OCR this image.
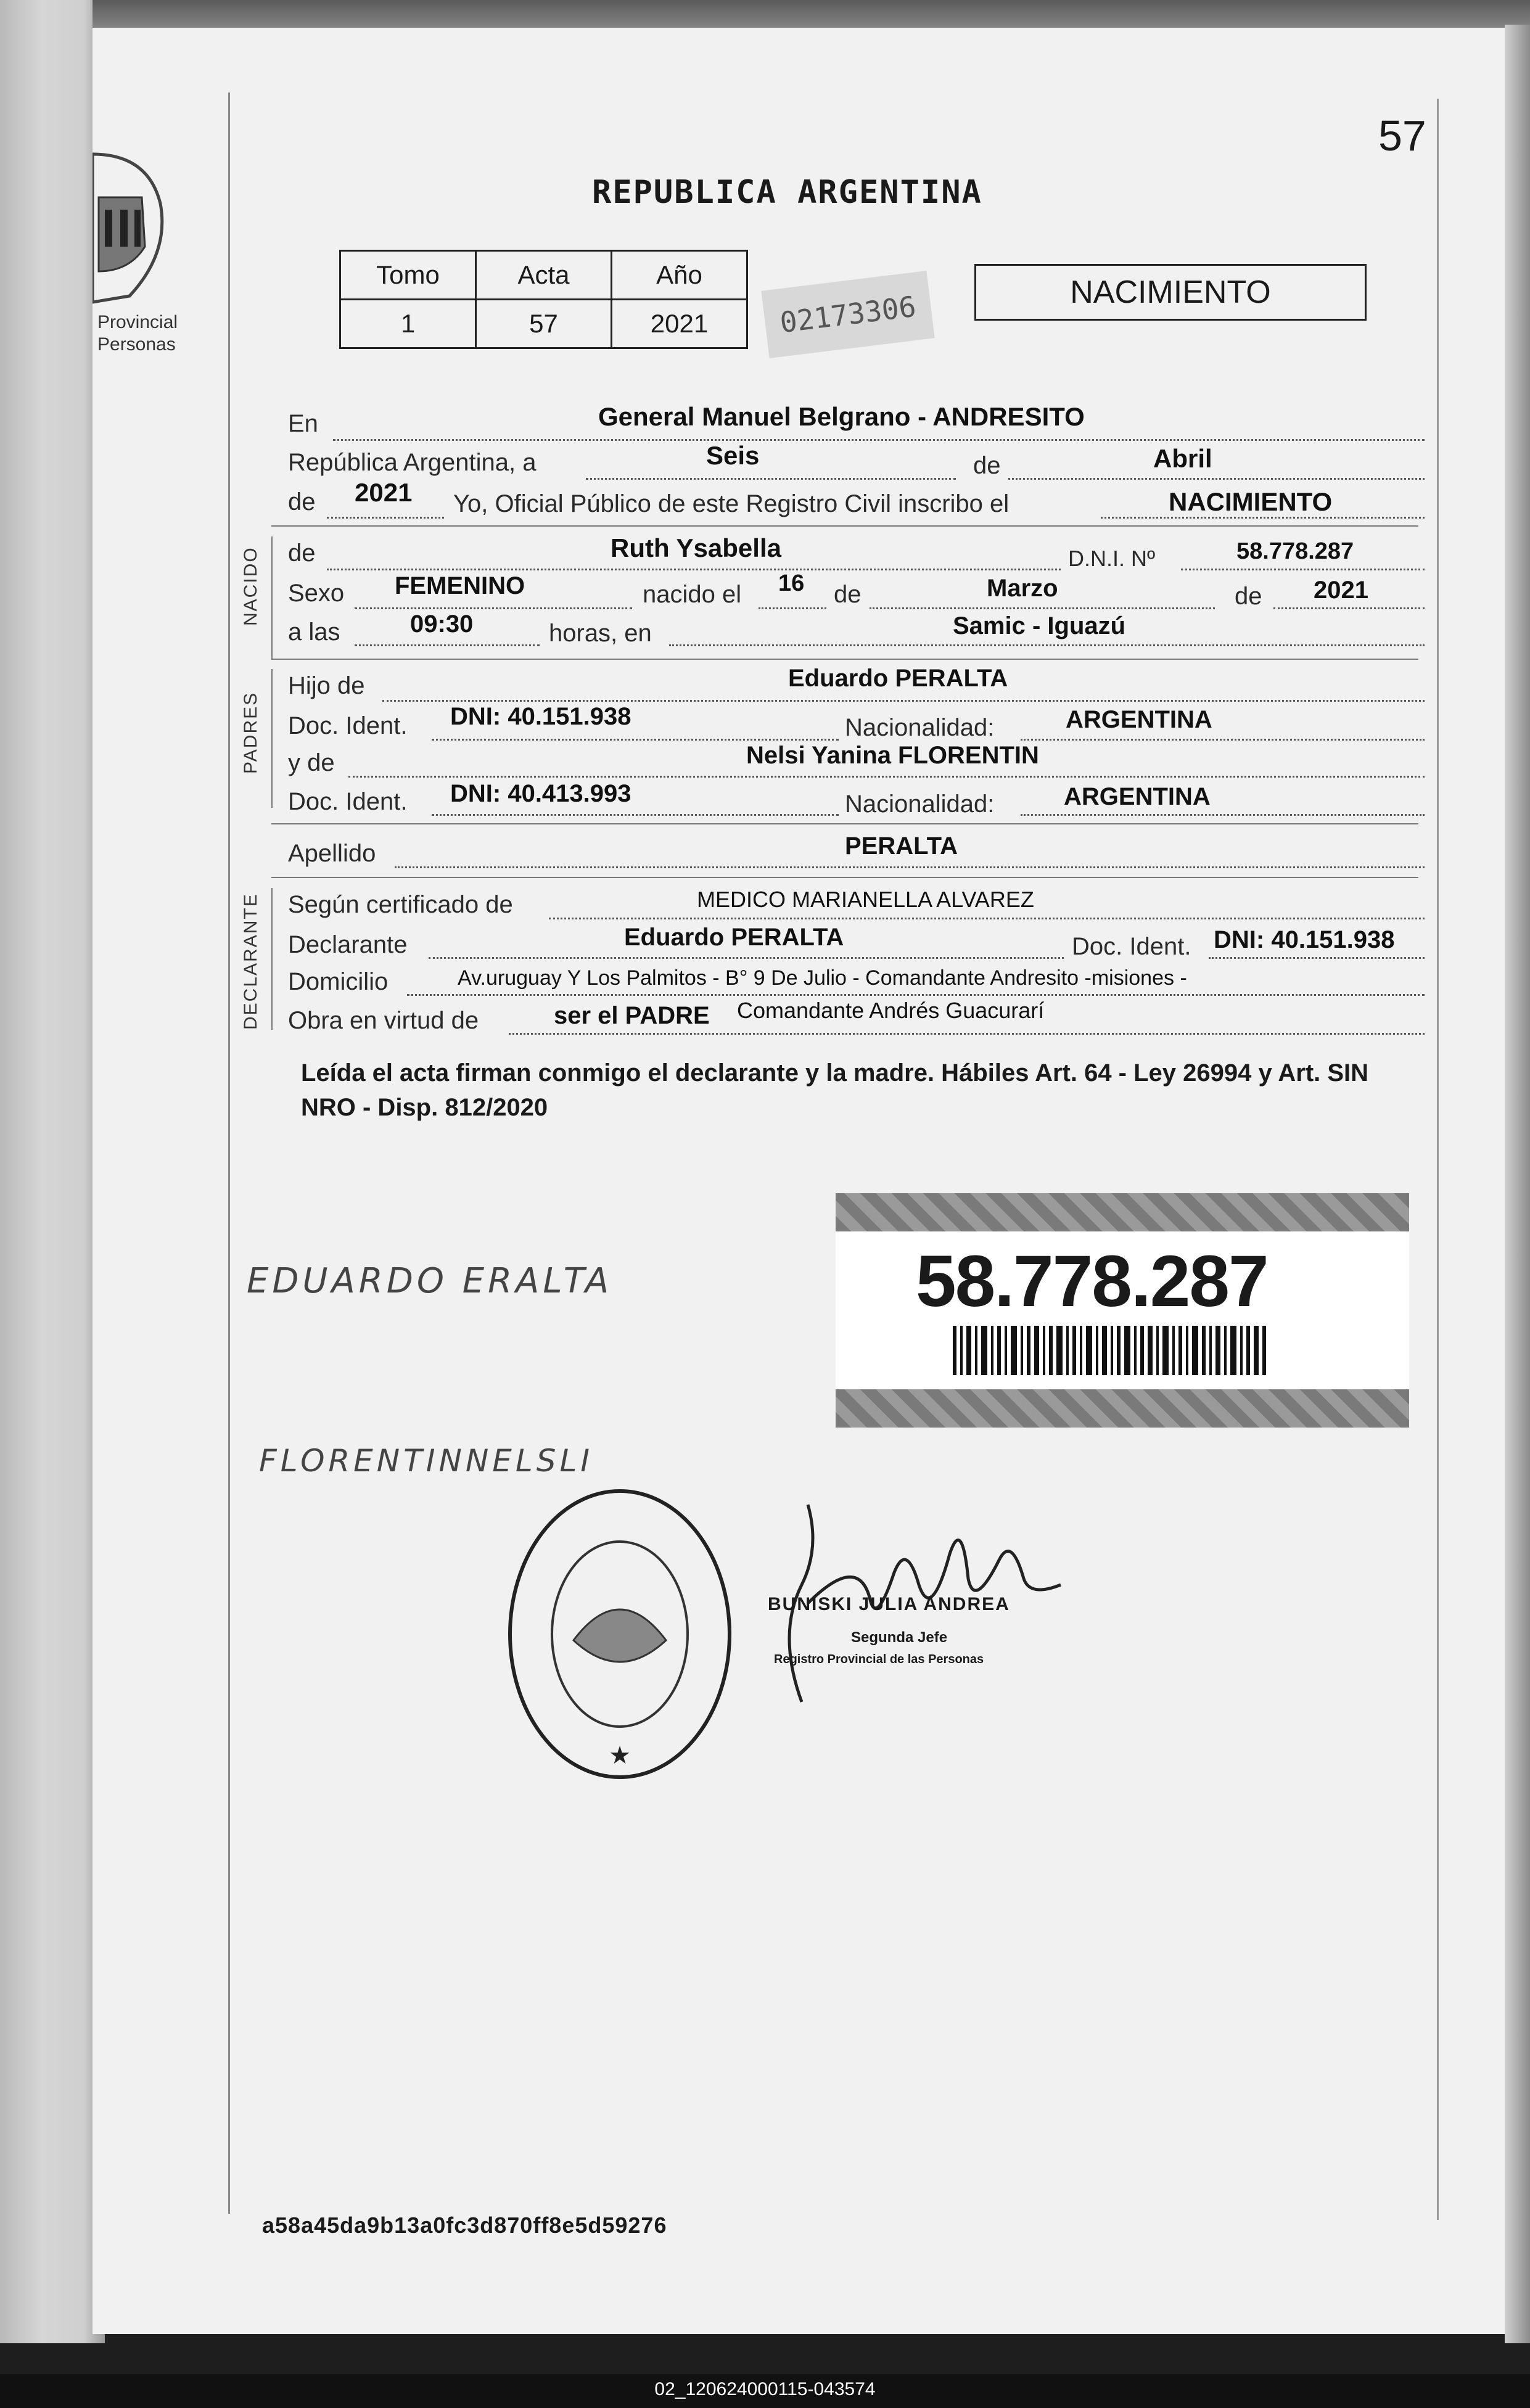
Provincial
Personas
57
REPUBLICA ARGENTINA
Tomo	Acta	Año
1	57	2021	02173306	NACIMIENTO
En	General Manuel Belgrano - ANDRESITO
República Argentina, a	Seis	de	Abril
de 2021 Yo, Oficial Público de este Registro Civil inscribo el	NACIMIENTO
NACIDO de	Ruth Ysabella	D.N.I. Nº	58.778.287
Sexo FEMENINO	nacido el 16 de	Marzo	de 2021
a las	09:30	horas, en	Samic - Iguazú
PADRES
Hijo de	Eduardo PERALTA
Doc. Ident. DNI: 40.151.938	Nacionalidad:	ARGENTINA
y de	Nelsi Yanina FLORENTIN
Doc. Ident. DNI: 40.413.993	Nacionalidad:	ARGENTINA
Apellido	PERALTA
DECLARANTE Según certificado de	MEDICO MARIANELLA ALVAREZ
Declarante	Eduardo PERALTA	Doc. Ident. DNI: 40.151.938
Domicilio	Av.uruguay Y Los Palmitos - B° 9 De Julio - Comandante Andresito -misiones -
Obra en virtud de	ser el PADRE Comandante Andrés Guacurarí
Leída el acta firman conmigo el declarante y la madre. Hábiles Art. 64 - Ley 26994 y Art. SIN NRO - Disp. 812/2020
58.778.287
EDUARDO ERALTA
FLORENTINNELSLI
★
BUNISKI JULIA ANDREA
Segunda Jefe
Registro Provincial de las Personas
a58a45da9b13a0fc3d870ff8e5d59276
02_120624000115-043574
